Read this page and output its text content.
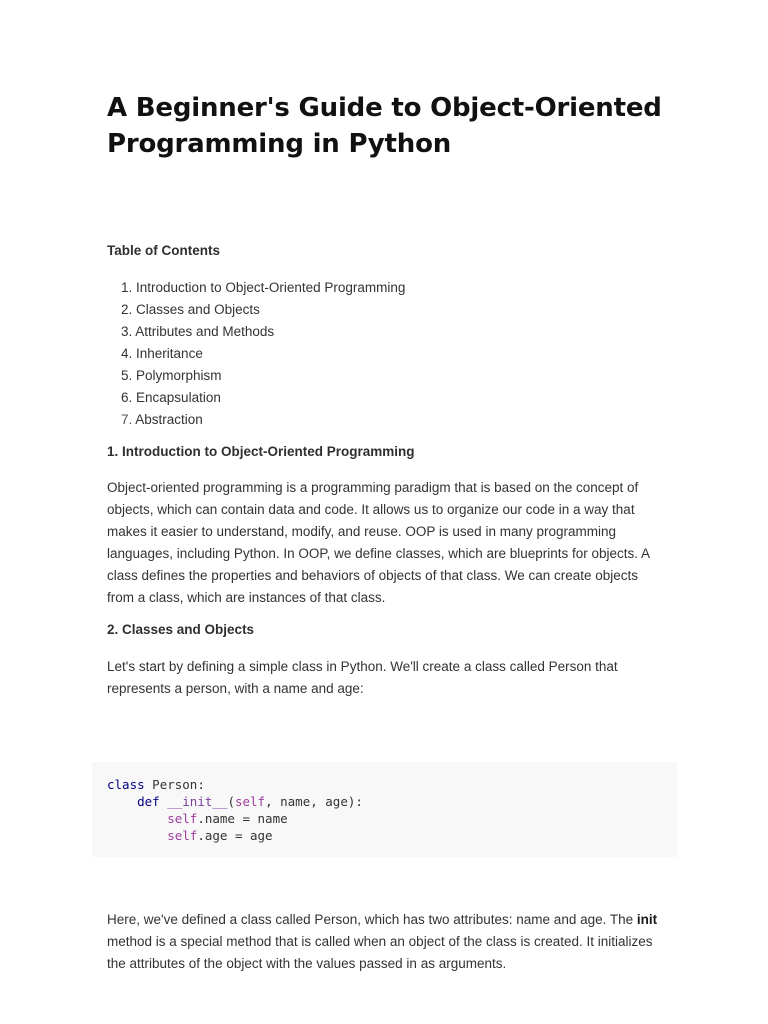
A Beginner's Guide to Object-Oriented Programming in Python
Table of Contents
1. Introduction to Object-Oriented Programming
2. Classes and Objects
3. Attributes and Methods
4. Inheritance
5. Polymorphism
6. Encapsulation
7. Abstraction
1. Introduction to Object-Oriented Programming
Object-oriented programming is a programming paradigm that is based on the concept of
objects, which can contain data and code. It allows us to organize our code in a way that
makes it easier to understand, modify, and reuse. OOP is used in many programming
languages, including Python. In OOP, we define classes, which are blueprints for objects. A
class defines the properties and behaviors of objects of that class. We can create objects
from a class, which are instances of that class.
2. Classes and Objects
Let's start by defining a simple class in Python. We'll create a class called Person that
represents a person, with a name and age:
Here, we've defined a class called Person, which has two attributes: name and age. The init
method is a special method that is called when an object of the class is created. It initializes
the attributes of the object with the values passed in as arguments.
class Person:
def __init__(self, name, age):
self.name = name
self.age = age
